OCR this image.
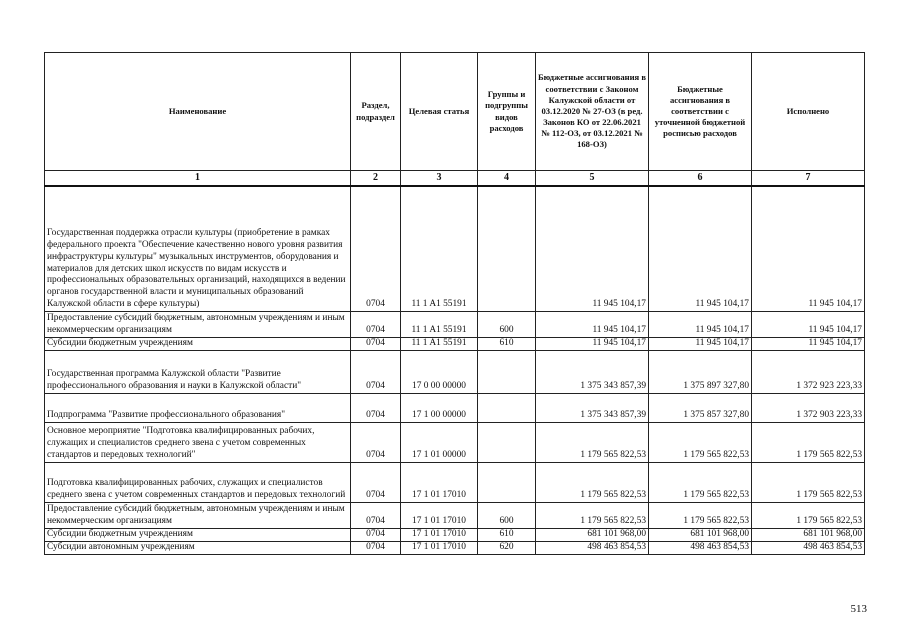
Наименование	Раздел, подраздел	Целевая статья	Группы и подгруппы видов расходов	Бюджетные ассигнования в соответствии с Законом Калужской области от 03.12.2020 № 27-ОЗ (в ред. Законов КО от 22.06.2021 № 112-ОЗ, от 03.12.2021 № 168-ОЗ)	Бюджетные ассигнования в соответствии с уточненной бюджетной росписью расходов	Исполнено
1	2	3	4	5	6	7
Государственная поддержка отрасли культуры (приобретение в рамках федерального проекта "Обеспечение качественно нового уровня развития инфраструктуры культуры" музыкальных инструментов, оборудования и материалов для детских школ искусств по видам искусств и профессиональных образовательных организаций, находящихся в ведении органов государственной власти и муниципальных образований Калужской области в сфере культуры)	0704	11 1 A1 55191		11 945 104,17	11 945 104,17	11 945 104,17
Предоставление субсидий бюджетным, автономным учреждениям и иным некоммерческим организациям	0704	11 1 A1 55191	600	11 945 104,17	11 945 104,17	11 945 104,17
Субсидии бюджетным учреждениям	0704	11 1 A1 55191	610	11 945 104,17	11 945 104,17	11 945 104,17
Государственная программа Калужской области "Развитие профессионального образования и науки в Калужской области"	0704	17 0 00 00000		1 375 343 857,39	1 375 897 327,80	1 372 923 223,33
Подпрограмма "Развитие профессионального образования"	0704	17 1 00 00000		1 375 343 857,39	1 375 857 327,80	1 372 903 223,33
Основное мероприятие "Подготовка квалифицированных рабочих, служащих и специалистов среднего звена с учетом современных стандартов и передовых технологий"	0704	17 1 01 00000		1 179 565 822,53	1 179 565 822,53	1 179 565 822,53
Подготовка квалифицированных рабочих, служащих и специалистов среднего звена с учетом современных стандартов и передовых технологий	0704	17 1 01 17010		1 179 565 822,53	1 179 565 822,53	1 179 565 822,53
Предоставление субсидий бюджетным, автономным учреждениям и иным некоммерческим организациям	0704	17 1 01 17010	600	1 179 565 822,53	1 179 565 822,53	1 179 565 822,53
Субсидии бюджетным учреждениям	0704	17 1 01 17010	610	681 101 968,00	681 101 968,00	681 101 968,00
Субсидии автономным учреждениям	0704	17 1 01 17010	620	498 463 854,53	498 463 854,53	498 463 854,53
513
